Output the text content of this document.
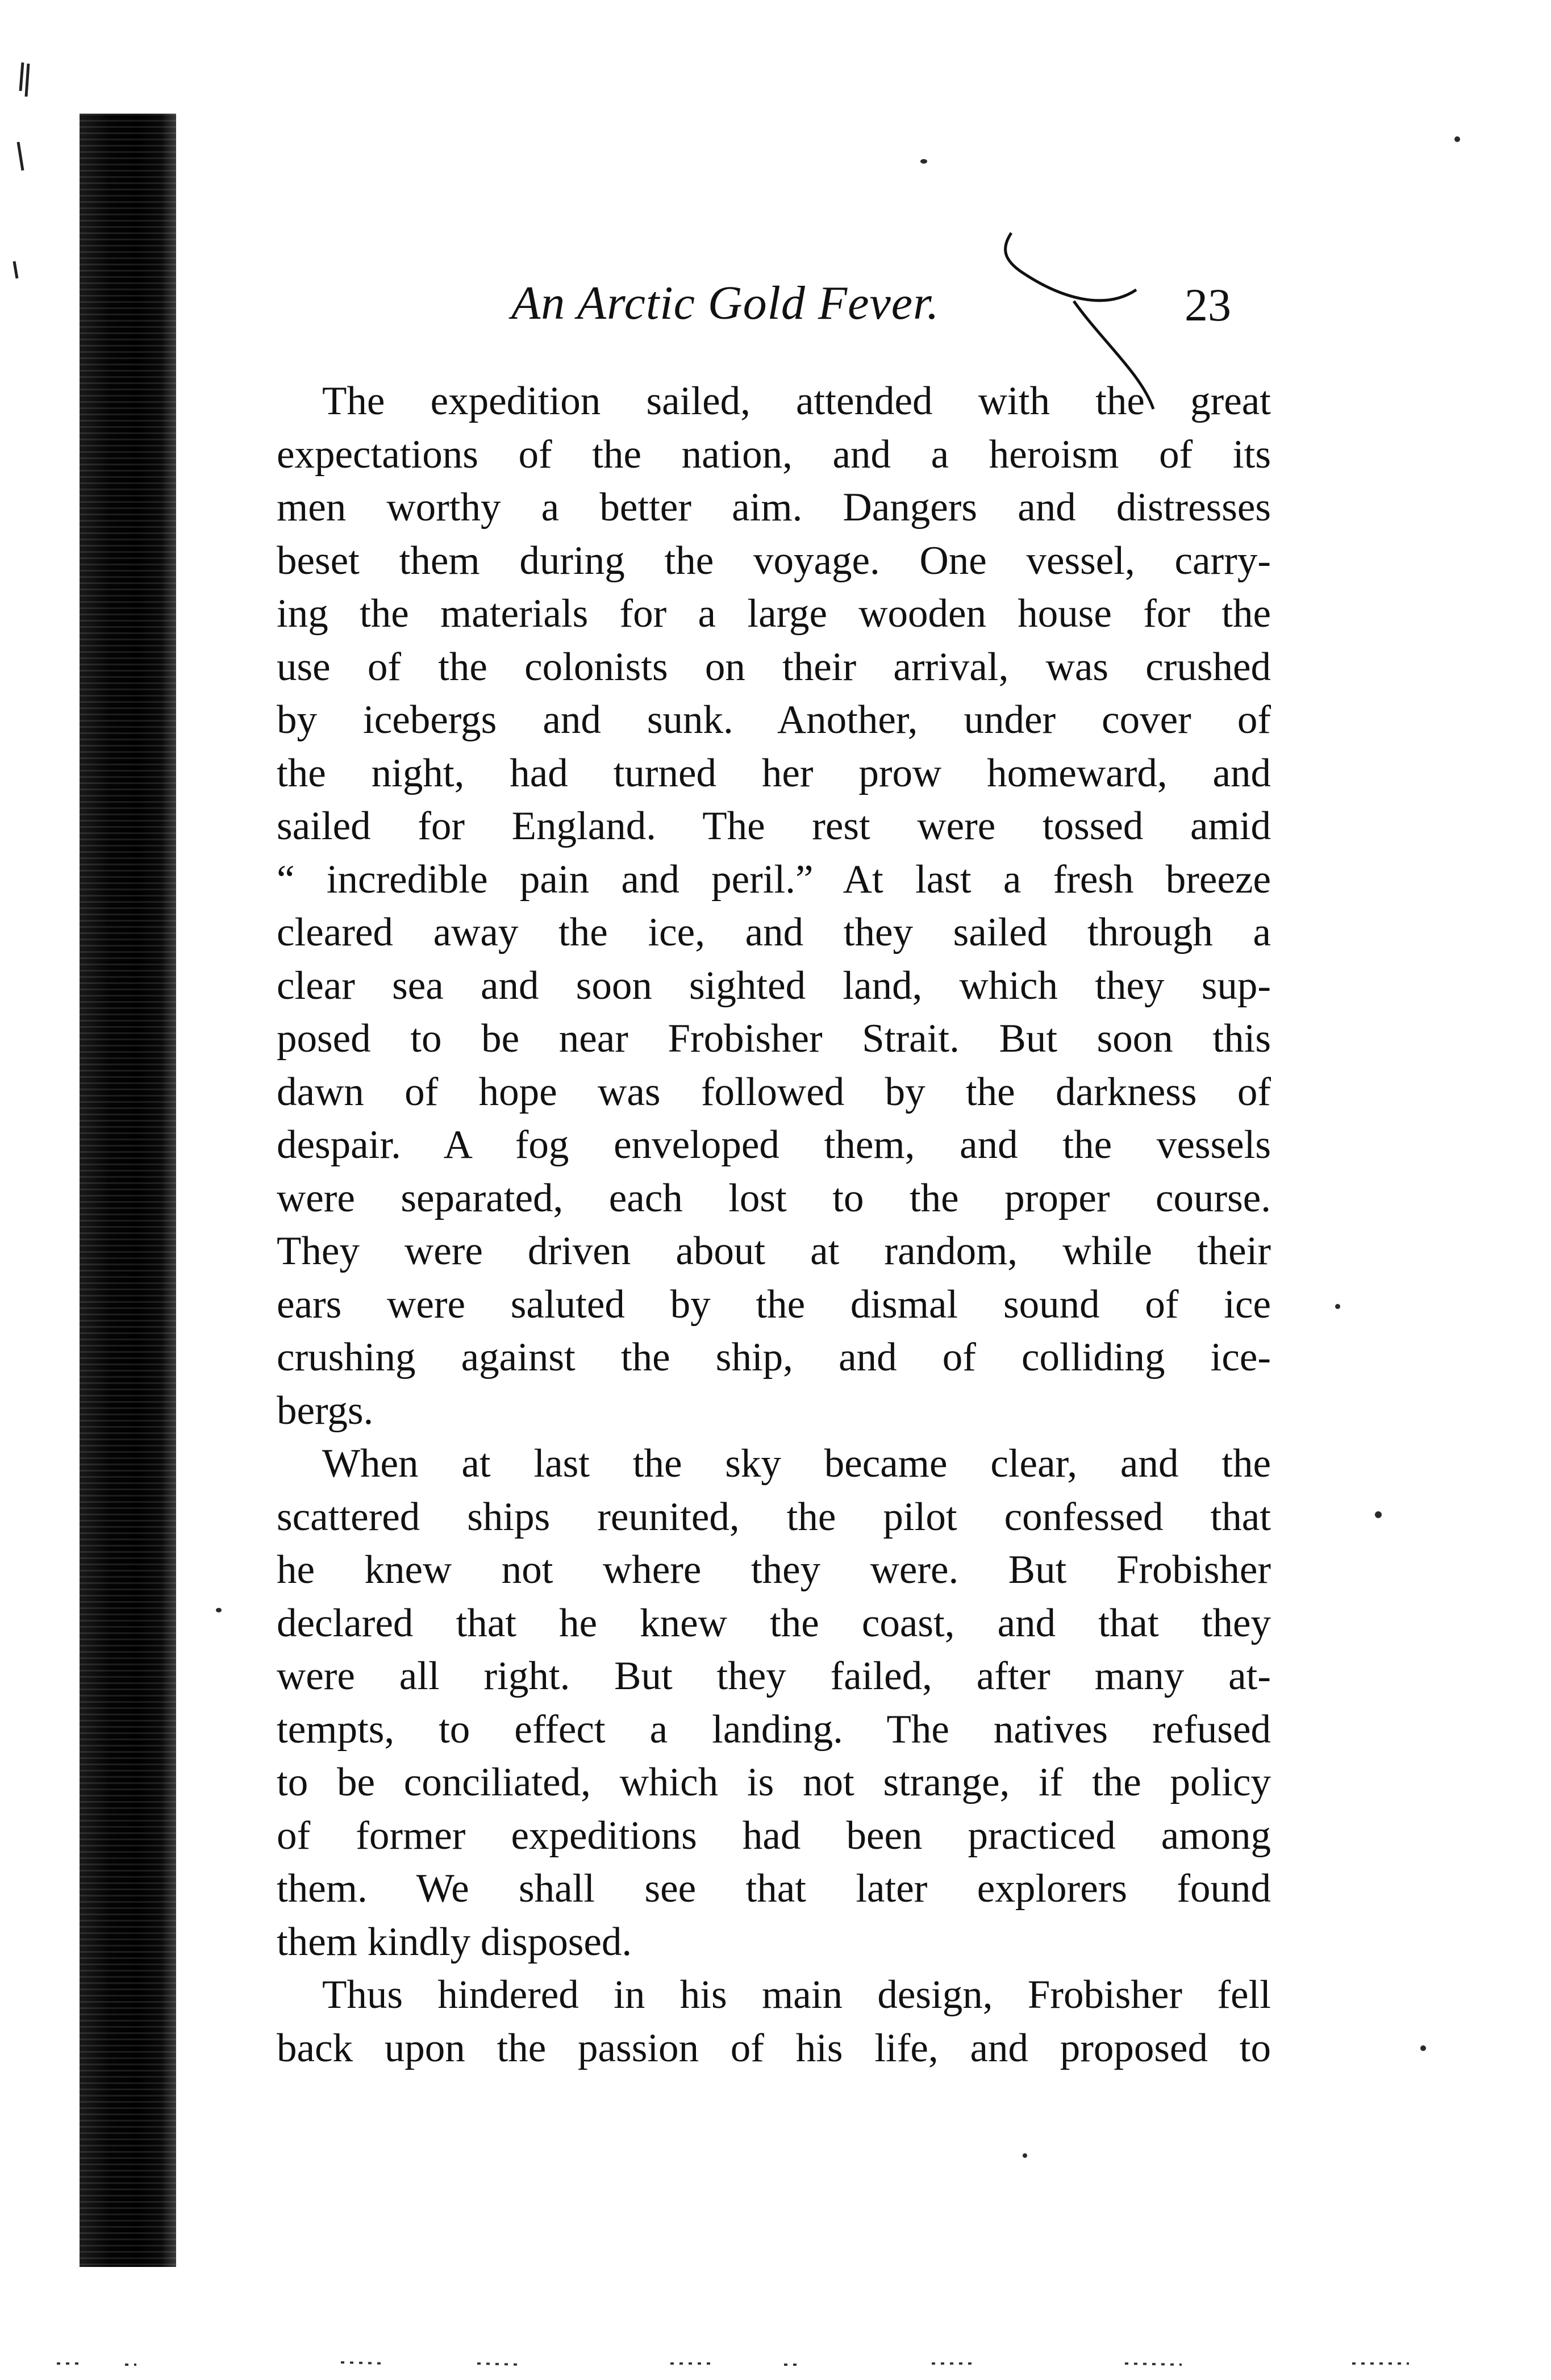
An Arctic Gold Fever.	23
The expedition sailed, attended with the great
expectations of the nation, and a heroism of its
men worthy a better aim. Dangers and distresses
beset them during the voyage. One vessel, carry-
ing the materials for a large wooden house for the
use of the colonists on their arrival, was crushed
by icebergs and sunk. Another, under cover of
the night, had turned her prow homeward, and
sailed for England. The rest were tossed amid
“ incredible pain and peril.” At last a fresh breeze
cleared away the ice, and they sailed through a
clear sea and soon sighted land, which they sup-
posed to be near Frobisher Strait. But soon this
dawn of hope was followed by the darkness of
despair. A fog enveloped them, and the vessels
were separated, each lost to the proper course.
They were driven about at random, while their
ears were saluted by the dismal sound of ice
crushing against the ship, and of colliding ice-
bergs.
When at last the sky became clear, and the
scattered ships reunited, the pilot confessed that
he knew not where they were. But Frobisher
declared that he knew the coast, and that they
were all right. But they failed, after many at-
tempts, to effect a landing. The natives refused
to be conciliated, which is not strange, if the policy
of former expeditions had been practiced among
them. We shall see that later explorers found
them kindly disposed.
Thus hindered in his main design, Frobisher fell
back upon the passion of his life, and proposed to
